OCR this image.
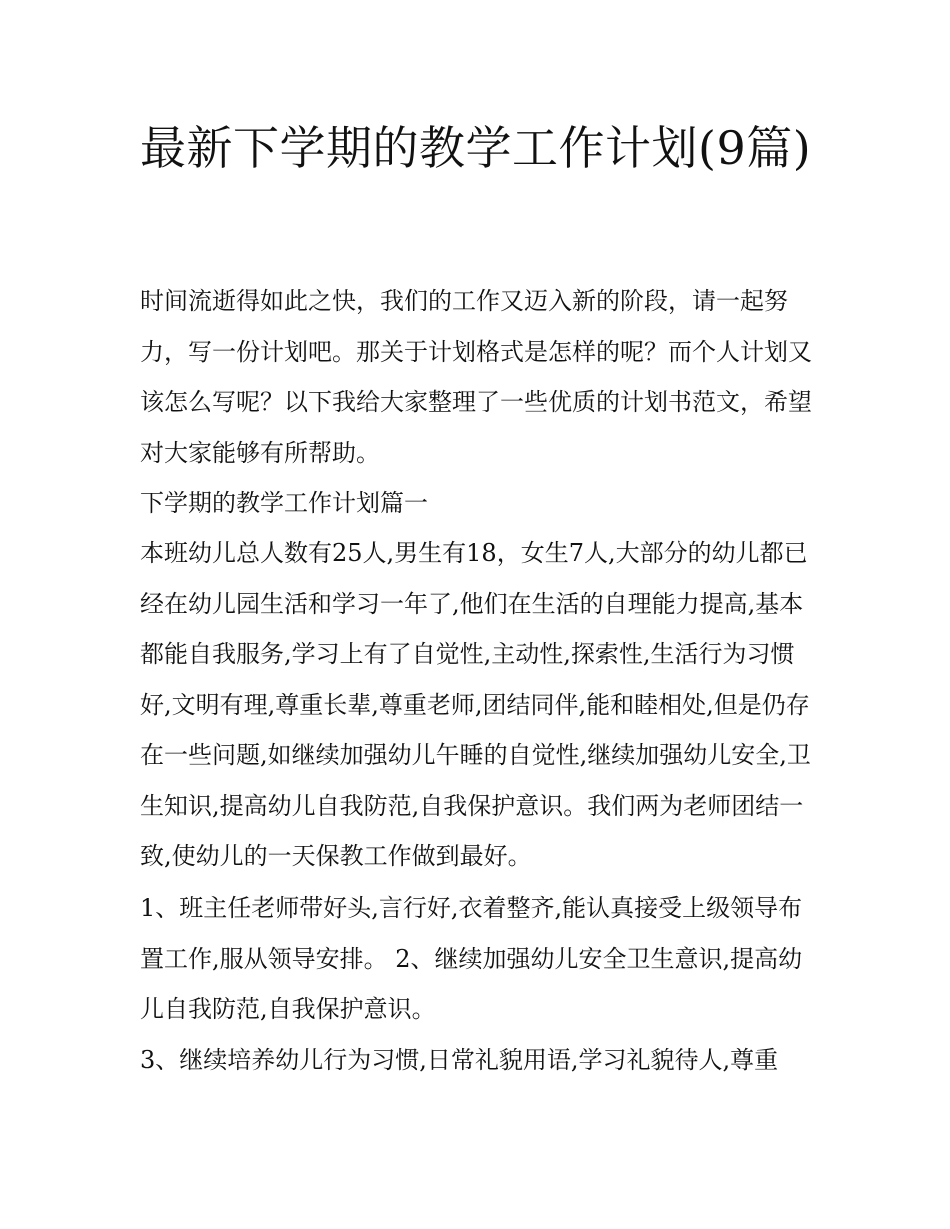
最新下学期的教学工作计划(9篇)

时间流逝得如此之快，我们的工作又迈入新的阶段，请一起努力，写一份计划吧。那关于计划格式是怎样的呢？而个人计划又该怎么写呢？以下我给大家整理了一些优质的计划书范文，希望对大家能够有所帮助。

下学期的教学工作计划篇一

本班幼儿总人数有25人,男生有18，女生7人,大部分的幼儿都已经在幼儿园生活和学习一年了,他们在生活的自理能力提高,基本都能自我服务,学习上有了自觉性,主动性,探索性,生活行为习惯好,文明有理,尊重长辈,尊重老师,团结同伴,能和睦相处,但是仍存在一些问题,如继续加强幼儿午睡的自觉性,继续加强幼儿安全,卫生知识,提高幼儿自我防范,自我保护意识。我们两为老师团结一致,使幼儿的一天保教工作做到最好。

1、班主任老师带好头,言行好,衣着整齐,能认真接受上级领导布置工作,服从领导安排。 2、继续加强幼儿安全卫生意识,提高幼儿自我防范,自我保护意识。

3、继续培养幼儿行为习惯,日常礼貌用语,学习礼貌待人,尊重
